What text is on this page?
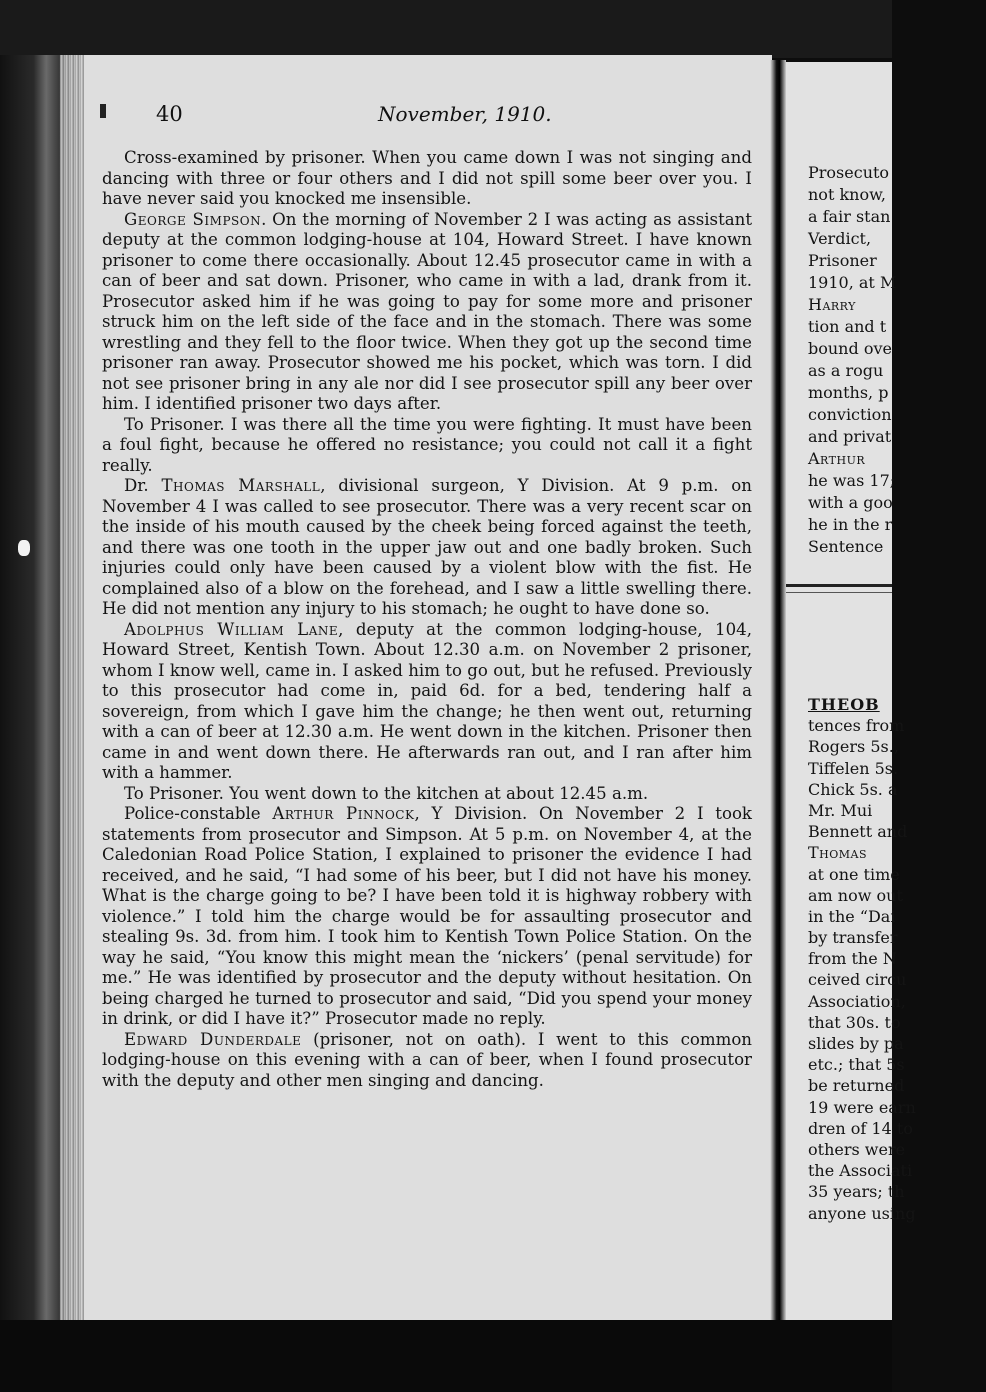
Prosecuto
not know,
a fair stan
Verdict,
Prisoner
1910, at M
Harry
tion and t
bound ove
as a rogu
months, p
conviction
and privat
Arthur
he was 17;
with a goo
he in the r
Sentence
THEOB
tences from
Rogers 5s.,
Tiffelen 5s.
Chick 5s. a
Mr. Mui
Bennett and
Thomas
at one time
am now out
in the “Dai
by transfer
from the N
ceived circu
Association,
that 30s. to
slides by pa
etc.; that 5s
be returned
19 were earn
dren of 14 to
others were
the Associati
35 years; th
anyone using
40	November, 1910.

Cross-examined by prisoner. When you came down I was not singing and dancing with three or four others and I did not spill some beer over you. I have never said you knocked me insensible.

George Simpson. On the morning of November 2 I was acting as assistant deputy at the common lodging-house at 104, Howard Street. I have known prisoner to come there occasionally. About 12.45 prosecutor came in with a can of beer and sat down. Prisoner, who came in with a lad, drank from it. Prosecutor asked him if he was going to pay for some more and prisoner struck him on the left side of the face and in the stomach. There was some wrestling and they fell to the floor twice. When they got up the second time prisoner ran away. Prosecutor showed me his pocket, which was torn. I did not see prisoner bring in any ale nor did I see prosecutor spill any beer over him. I identified prisoner two days after.

To Prisoner. I was there all the time you were fighting. It must have been a foul fight, because he offered no resistance; you could not call it a fight really.

Dr. Thomas Marshall, divisional surgeon, Y Division. At 9 p.m. on November 4 I was called to see prosecutor. There was a very recent scar on the inside of his mouth caused by the cheek being forced against the teeth, and there was one tooth in the upper jaw out and one badly broken. Such injuries could only have been caused by a violent blow with the fist. He complained also of a blow on the forehead, and I saw a little swelling there. He did not mention any injury to his stomach; he ought to have done so.

Adolphus William Lane, deputy at the common lodging-house, 104, Howard Street, Kentish Town. About 12.30 a.m. on November 2 prisoner, whom I know well, came in. I asked him to go out, but he refused. Previously to this prosecutor had come in, paid 6d. for a bed, tendering half a sovereign, from which I gave him the change; he then went out, returning with a can of beer at 12.30 a.m. He went down in the kitchen. Prisoner then came in and went down there. He afterwards ran out, and I ran after him with a hammer.

To Prisoner. You went down to the kitchen at about 12.45 a.m.

Police-constable Arthur Pinnock, Y Division. On November 2 I took statements from prosecutor and Simpson. At 5 p.m. on November 4, at the Caledonian Road Police Station, I explained to prisoner the evidence I had received, and he said, “I had some of his beer, but I did not have his money. What is the charge going to be? I have been told it is highway robbery with violence.” I told him the charge would be for assaulting prosecutor and stealing 9s. 3d. from him. I took him to Kentish Town Police Station. On the way he said, “You know this might mean the ‘nickers’ (penal servitude) for me.” He was identified by prosecutor and the deputy without hesitation. On being charged he turned to prosecutor and said, “Did you spend your money in drink, or did I have it?” Prosecutor made no reply.

Edward Dunderdale (prisoner, not on oath). I went to this common lodging-house on this evening with a can of beer, when I found prosecutor with the deputy and other men singing and dancing.
